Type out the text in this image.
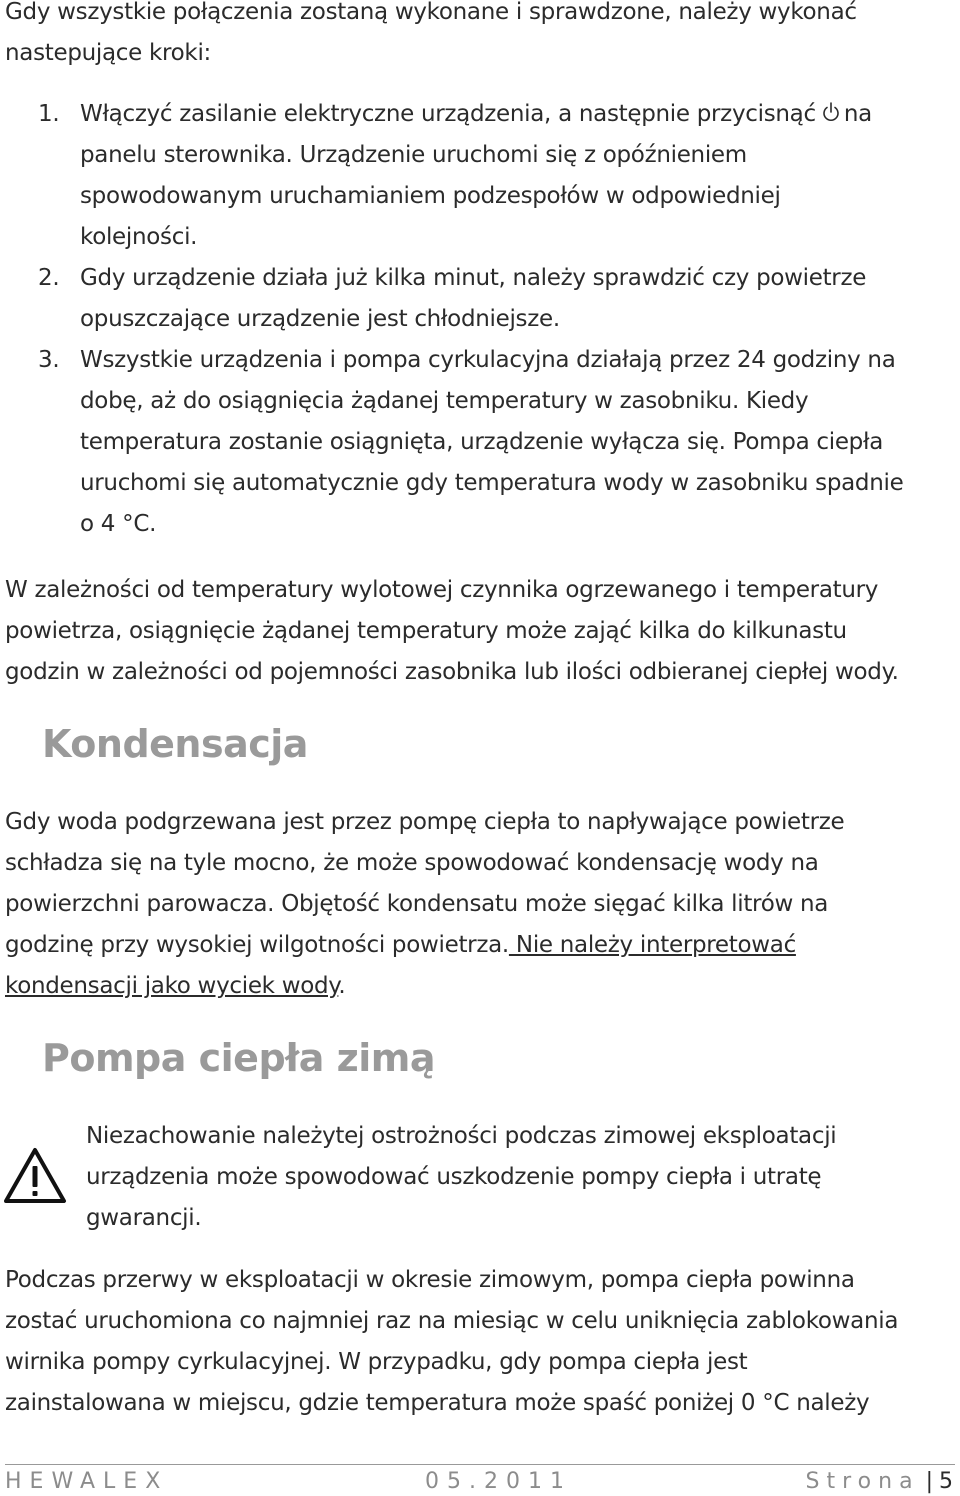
Gdy wszystkie połączenia zostaną wykonane i sprawdzone, należy wykonać

nastepujące kroki:

1. Włączyć zasilanie elektryczne urządzenia, a następnie przycisnąć na

panelu sterownika. Urządzenie uruchomi się z opóźnieniem

spowodowanym uruchamianiem podzespołów w odpowiedniej

kolejności.

2. Gdy urządzenie działa już kilka minut, należy sprawdzić czy powietrze

opuszczające urządzenie jest chłodniejsze.

3. Wszystkie urządzenia i pompa cyrkulacyjna działają przez 24 godziny na

dobę, aż do osiągnięcia żądanej temperatury w zasobniku. Kiedy

temperatura zostanie osiągnięta, urządzenie wyłącza się. Pompa ciepła

uruchomi się automatycznie gdy temperatura wody w zasobniku spadnie

o 4 °C.

W zależności od temperatury wylotowej czynnika ogrzewanego i temperatury

powietrza, osiągnięcie żądanej temperatury może zająć kilka do kilkunastu

godzin w zależności od pojemności zasobnika lub ilości odbieranej ciepłej wody.

Kondensacja

Gdy woda podgrzewana jest przez pompę ciepła to napływające powietrze

schładza się na tyle mocno, że może spowodować kondensację wody na

powierzchni parowacza. Objętość kondensatu może sięgać kilka litrów na

godzinę przy wysokiej wilgotności powietrza. Nie należy interpretować

kondensacji jako wyciek wody.

Pompa ciepła zimą

Niezachowanie należytej ostrożności podczas zimowej eksploatacji

urządzenia może spowodować uszkodzenie pompy ciepła i utratę

gwarancji.

Podczas przerwy w eksploatacji w okresie zimowym, pompa ciepła powinna

zostać uruchomiona co najmniej raz na miesiąc w celu uniknięcia zablokowania

wirnika pompy cyrkulacyjnej. W przypadku, gdy pompa ciepła jest

zainstalowana w miejscu, gdzie temperatura może spaść poniżej 0 °C należy

HEWALEX	05.2011	Strona | 5
